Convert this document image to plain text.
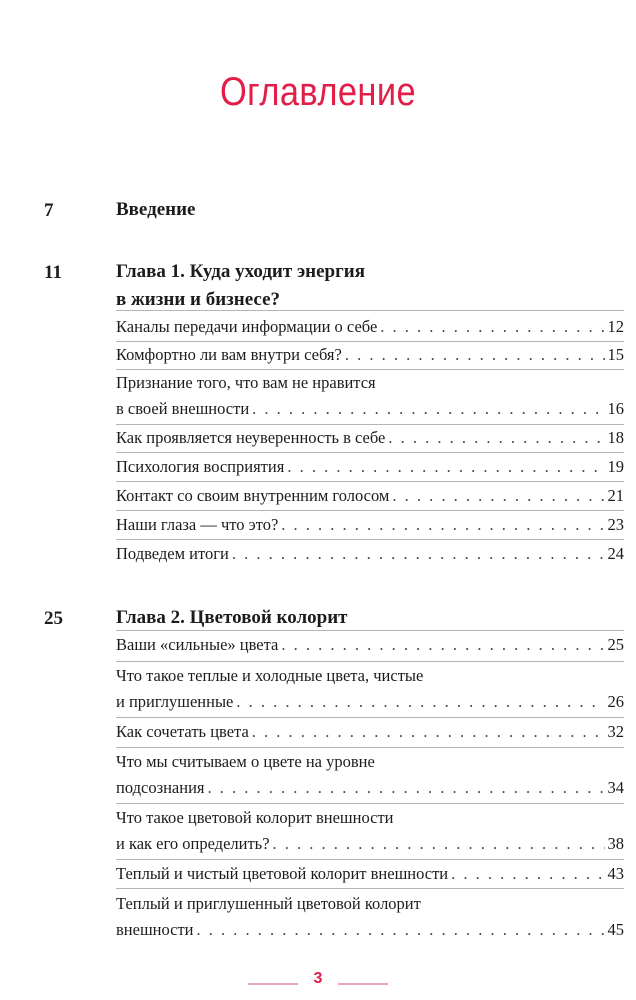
Оглавление
7	Введение
11	Глава 1. Куда уходит энергия
в жизни и бизнесе?
Каналы передачи информации о себе . . .	12
Комфортно ли вам внутри себя? . . .	15
Признание того, что вам не нравится
в своей внешности . . .	16
Как проявляется неуверенность в себе . . .	18
Психология восприятия . . .	19
Контакт со своим внутренним голосом . . .	21
Наши глаза — что это? . . .	23
Подведем итоги . . .	24
25	Глава 2. Цветовой колорит
Ваши «сильные» цвета . . .	25
Что такое теплые и холодные цвета, чистые
и приглушенные . . .	26
Как сочетать цвета . . .	32
Что мы считываем о цвете на уровне
подсознания . . .	34
Что такое цветовой колорит внешности
и как его определить? . . .	38
Теплый и чистый цветовой колорит внешности . . .	43
Теплый и приглушенный цветовой колорит
внешности . . .	45
3
